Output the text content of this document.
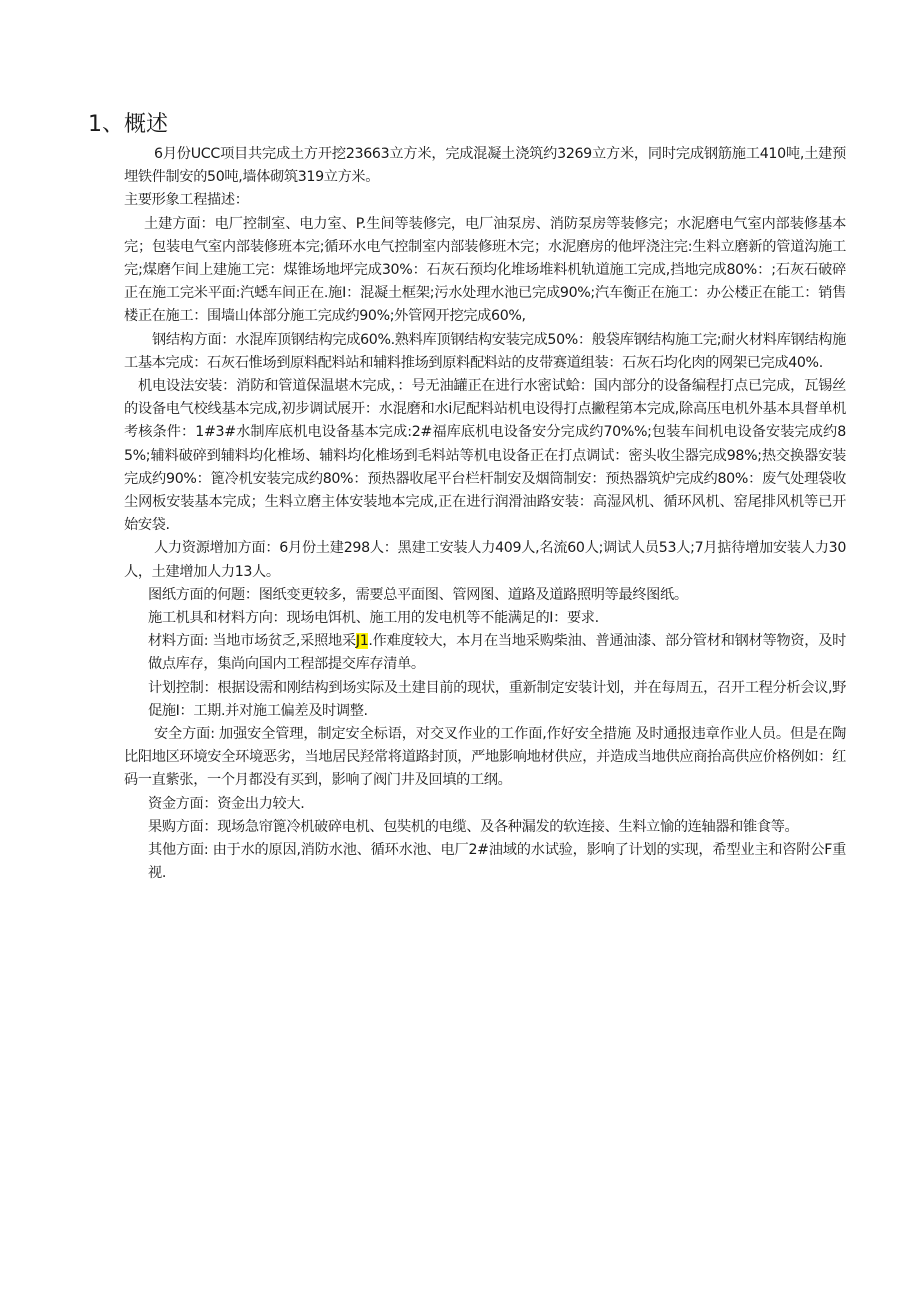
1、概述

6月份UCC项目共完成土方开挖23663立方米，完成混凝土浇筑约3269立方米，同时完成钢筋施工410吨,土建预埋铁件制安的50吨,墙体砌筑319立方米。

主要形象工程描述：

土建方面：电厂控制室、电力室、P.生间等装修完，电厂油泵房、消防泵房等装修完；水泥磨电气室内部装修基本完；包装电气室内部装修班本完;循环水电气控制室内部装修班木完；水泥磨房的他坪浇注完:生料立磨新的管道沟施工完;煤磨乍间上建施工完：煤锥场地坪完成30%：石灰石预均化堆场堆料机轨道施工完成,挡地完成80%：;石灰石破碎正在施工完米平面:汽蟋车间正在.施I：混凝土框架;污水处理水池已完成90%;汽车衡正在施工：办公楼正在能工：销售楼正在施工：围墙山体部分施工完成约90%;外管网开挖完成60%,

钢结构方面：水混库顶钢结构完成60%.熟料库顶钢结构安装完成50%：般袋库钢结构施工完;耐火材料库钢结构施工基本完成：石灰石惟场到原料配料站和辅料推场到原料配料站的皮带赛道组装：石灰石均化肉的网架已完成40%.

机电设法安装：消防和管道保温堪木完成，：号无油罐正在进行水密试蛤：国内部分的设备编程打点已完成，瓦锡丝的设备电气校线基本完成,初步调试展开：水混磨和水i尼配料站机电设得打点撇程第本完成,除高压电机外基本具督单机考核条件：1#3#水制库底机电设备基本完成:2#福库底机电设备安分完成约70%%;包装车间机电设备安装完成约85%;辅料破碎到辅料均化椎场、辅料均化椎场到毛料站等机电设备正在打点调试：密头收尘器完成98%;热交换器安装完成约90%：篦冷机安装完成约80%：预热器收尾平台栏杆制安及烟筒制安：预热器筑炉完成约80%：废气处理袋收尘网板安装基本完成；生料立磨主体安装地本完成,正在进行润滑油路安装：高湿风机、循环风机、窑尾排风机等已开始安袋.

人力资源增加方面：6月份土建298人：黑建工安装人力409人,名流60人;调试人员53人;7月掂待增加安装人力30人，土建增加人力13人。

图纸方面的何题：图纸变更较多，需要总平面图、管网图、道路及道路照明等最终图纸。

施工机具和材料方向：现场电饵机、施工用的发电机等不能满足的I：要求.

材料方面: 当地市场贫乏,采照地采J1.作难度较大，本月在当地采购柴油、普通油漆、部分管材和钢材等物资，及时做点库存，集尚向国内工程部提交库存清单。

计划控制：根据设需和刚结构到场实际及土建目前的现状，重新制定安装计划，并在每周五，召开工程分析会议,野促施I：工期.并对施工偏差及时调整.

安全方面: 加强安全管理，制定安全标语，对交叉作业的工作面,作好安全措施 及时通报违章作业人员。但是在陶比阳地区环境安全环境恶劣，当地居民羟常将道路封顶，严地影响地材供应，并造成当地供应商抬高供应价格例如：红码一直紫张，一个月都没有买到，影响了阀门井及回填的工纲。

资金方面：资金出力较大.

果购方面：现场急帘篦冷机破碎电机、包奘机的电缆、及各种漏发的软连接、生料立愉的连轴器和锥食等。

其他方面: 由于水的原因,消防水池、循环水池、电厂2#油域的水试验，影响了计划的实现，希型业主和咨附公F重视.
